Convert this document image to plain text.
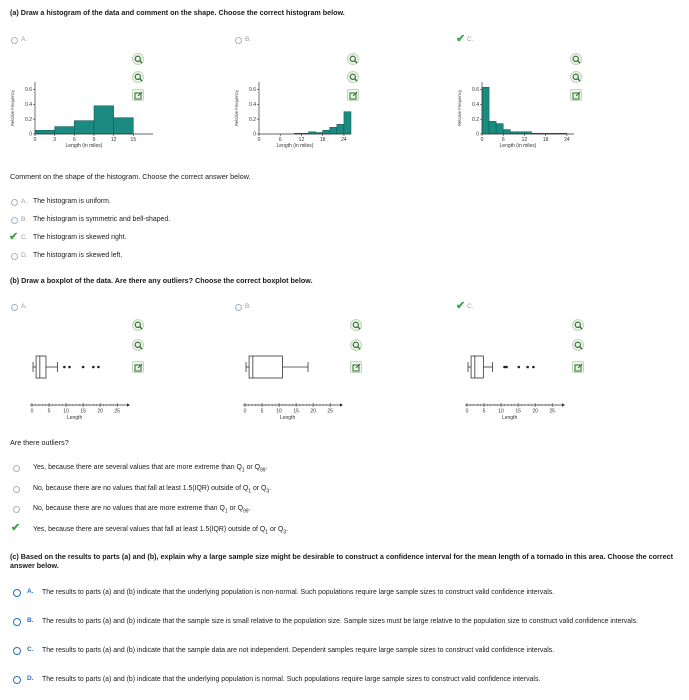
(a) Draw a histogram of the data and comment on the shape. Choose the correct histogram below.
A.
Relative Frequency
0
0.2
0.4
0.6
0	3	6	9	12	15
Length (in miles)
B.
Relative Frequency
0
0.2
0.4
0.6
0	6	12	18	24
Length (in miles)
✔ C.
Relative Frequency
0
0.2
0.4
0.6
0	6	12	18	24
Length (in miles)
Comment on the shape of the histogram. Choose the correct answer below.
A. The histogram is uniform.
B. The histogram is symmetric and bell-shaped.
✔ C. The histogram is skewed right.
D. The histogram is skewed left.
(b) Draw a boxplot of the data. Are there any outliers? Choose the correct boxplot below.
A.
0	5	10 15 20 25
Length
B.
0	5	10 15 20 25
Length
✔ C.
0	5	10 15 20 25
Length
Are there outliers?
Yes, because there are several values that are more extreme than $Q_1$ or $Q_{99}$.
No, because there are no values that fall at least 1.5(IQR) outside of $Q_1$ or $Q_3$.
No, because there are no values that are more extreme than $Q_1$ or $Q_{99}$.
✔ Yes, because there are several values that fall at least 1.5(IQR) outside of $Q_1$ or $Q_3$.
(c) Based on the results to parts (a) and (b), explain why a large sample size might be desirable to construct a confidence interval for the mean length of a tornado in this area. Choose the correct answer below.
A. The results to parts (a) and (b) indicate that the underlying population is non-normal. Such populations require large sample sizes to construct valid confidence intervals.
B. The results to parts (a) and (b) indicate that the sample size is small relative to the population size. Sample sizes must be large relative to the population size to construct valid confidence intervals.
C. The results to parts (a) and (b) indicate that the sample data are not independent. Dependent samples require large sample sizes to construct valid confidence intervals.
D. The results to parts (a) and (b) indicate that the underlying population is normal. Such populations require large sample sizes to construct valid confidence intervals.
